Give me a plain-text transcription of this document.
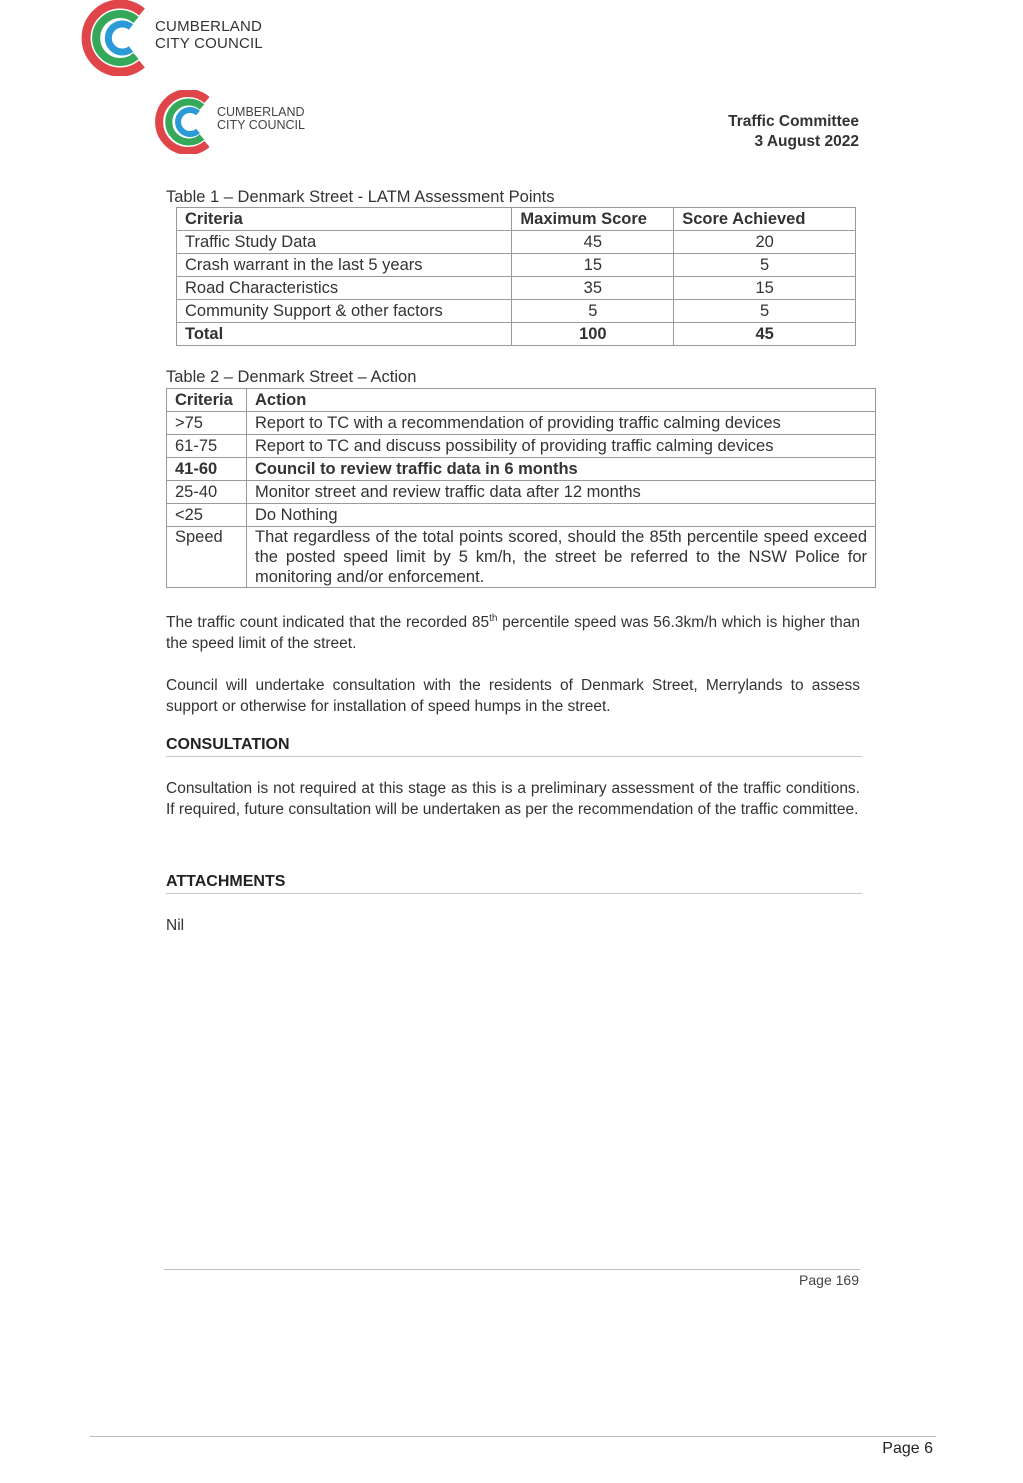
CUMBERLAND
CITY COUNCIL
CUMBERLAND
CITY COUNCIL	Traffic Committee
3 August 2022
Table 1 – Denmark Street - LATM Assessment Points
Criteria	Maximum Score	Score Achieved
Traffic Study Data	45	20
Crash warrant in the last 5 years	15	5
Road Characteristics	35	15
Community Support & other factors	5	5
Total	100	45
Table 2 – Denmark Street – Action
Criteria	Action
>75	Report to TC with a recommendation of providing traffic calming devices
61-75	Report to TC and discuss possibility of providing traffic calming devices
41-60	Council to review traffic data in 6 months
25-40	Monitor street and review traffic data after 12 months
<25	Do Nothing
Speed	That regardless of the total points scored, should the 85th percentile speed exceed the posted speed limit by 5 km/h, the street be referred to the NSW Police for monitoring and/or enforcement.
The traffic count indicated that the recorded 85th percentile speed was 56.3km/h which is higher than the speed limit of the street.
Council will undertake consultation with the residents of Denmark Street, Merrylands to assess support or otherwise for installation of speed humps in the street.
CONSULTATION
Consultation is not required at this stage as this is a preliminary assessment of the traffic conditions. If required, future consultation will be undertaken as per the recommendation of the traffic committee.
ATTACHMENTS
Nil
Page 169
Page 6
